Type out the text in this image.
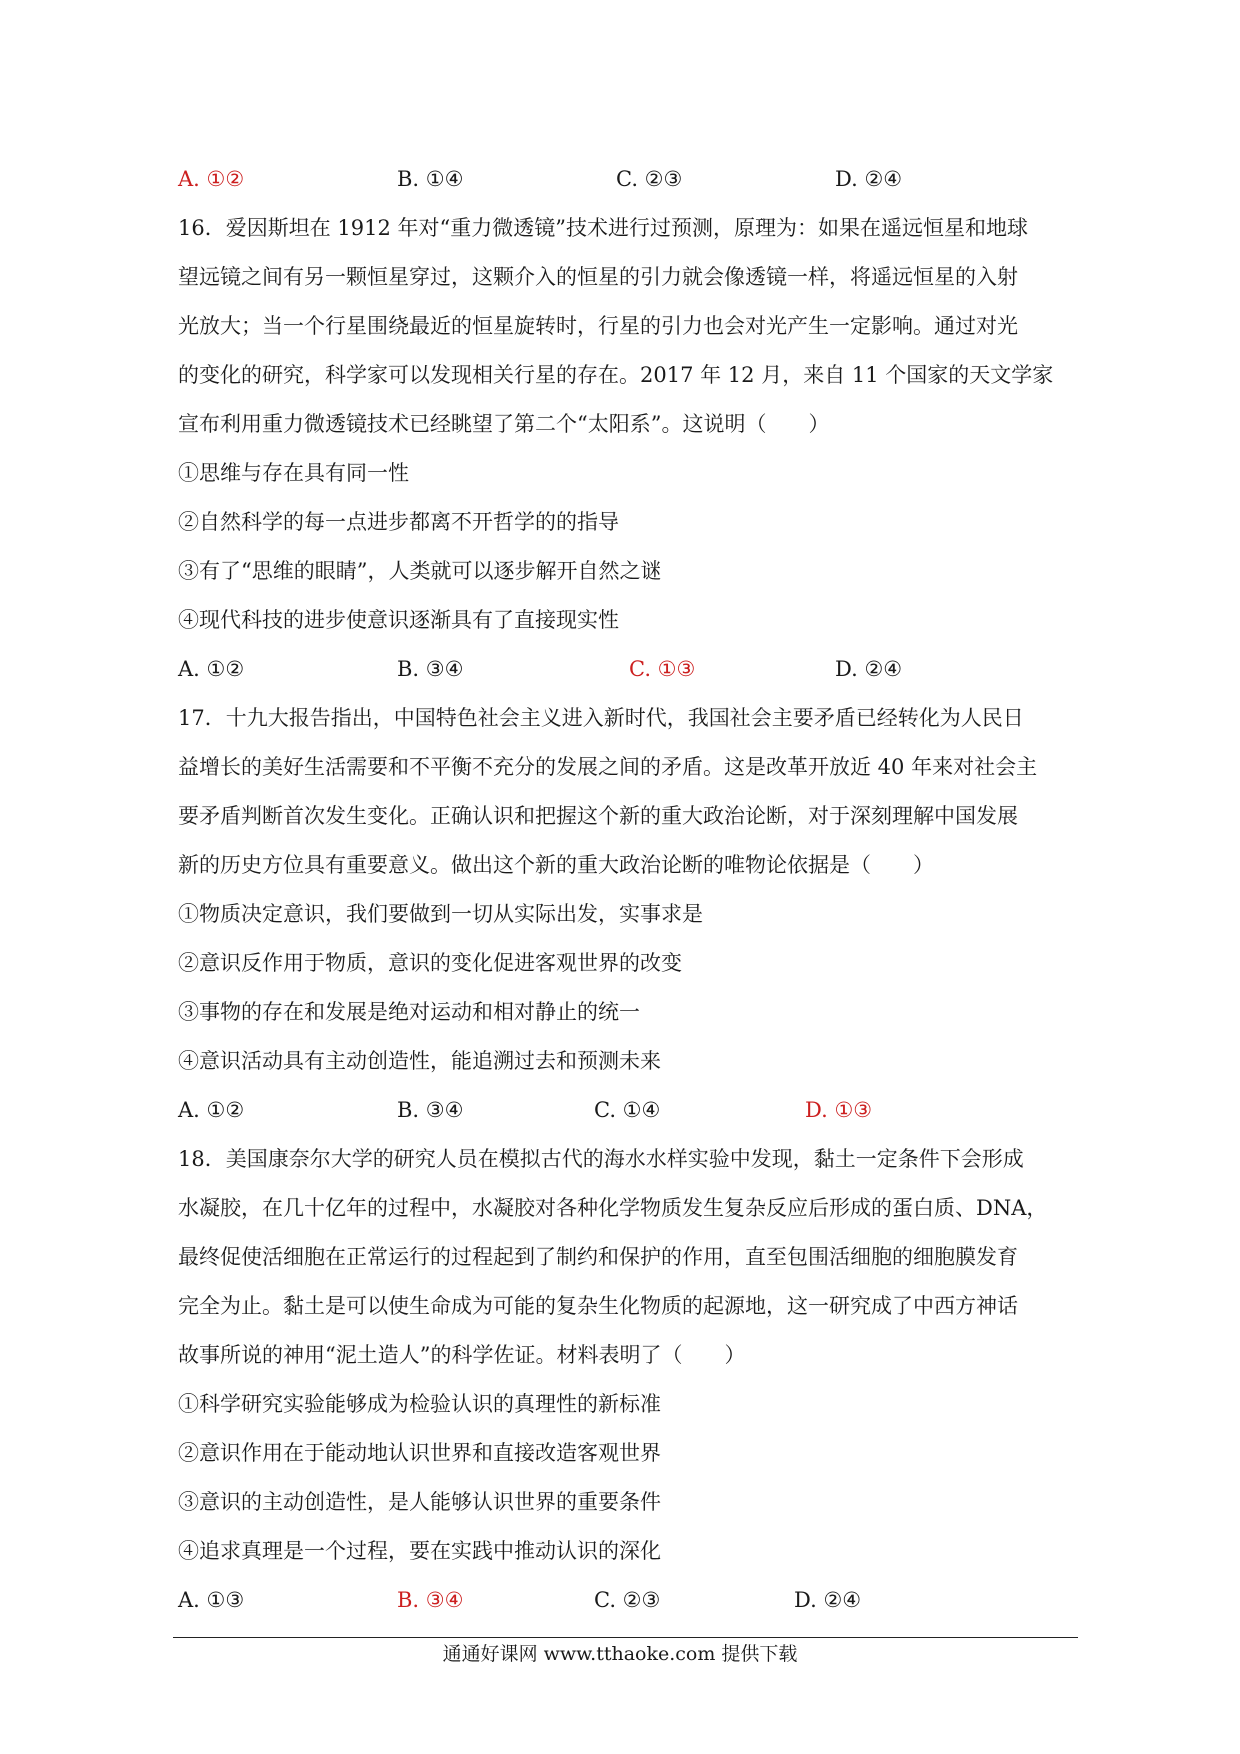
A. ①②	B. ①④	C. ②③	D. ②④
16．爱因斯坦在 1912 年对“重力微透镜”技术进行过预测，原理为：如果在遥远恒星和地球
望远镜之间有另一颗恒星穿过，这颗介入的恒星的引力就会像透镜一样，将遥远恒星的入射
光放大；当一个行星围绕最近的恒星旋转时，行星的引力也会对光产生一定影响。通过对光
的变化的研究，科学家可以发现相关行星的存在。2017 年 12 月，来自 11 个国家的天文学家
宣布利用重力微透镜技术已经眺望了第二个“太阳系”。这说明（　　）
①思维与存在具有同一性
②自然科学的每一点进步都离不开哲学的的指导
③有了“思维的眼睛”，人类就可以逐步解开自然之谜
④现代科技的进步使意识逐渐具有了直接现实性
A. ①②	B. ③④	C. ①③	D. ②④
17．十九大报告指出，中国特色社会主义进入新时代，我国社会主要矛盾已经转化为人民日
益增长的美好生活需要和不平衡不充分的发展之间的矛盾。这是改革开放近 40 年来对社会主
要矛盾判断首次发生变化。正确认识和把握这个新的重大政治论断，对于深刻理解中国发展
新的历史方位具有重要意义。做出这个新的重大政治论断的唯物论依据是（　　）
①物质决定意识，我们要做到一切从实际出发，实事求是
②意识反作用于物质，意识的变化促进客观世界的改变
③事物的存在和发展是绝对运动和相对静止的统一
④意识活动具有主动创造性，能追溯过去和预测未来
A. ①②	B. ③④	C. ①④	D. ①③
18．美国康奈尔大学的研究人员在模拟古代的海水水样实验中发现，黏土一定条件下会形成
水凝胶，在几十亿年的过程中，水凝胶对各种化学物质发生复杂反应后形成的蛋白质、DNA，
最终促使活细胞在正常运行的过程起到了制约和保护的作用，直至包围活细胞的细胞膜发育
完全为止。黏土是可以使生命成为可能的复杂生化物质的起源地，这一研究成了中西方神话
故事所说的神用“泥土造人”的科学佐证。材料表明了（　　）
①科学研究实验能够成为检验认识的真理性的新标准
②意识作用在于能动地认识世界和直接改造客观世界
③意识的主动创造性，是人能够认识世界的重要条件
④追求真理是一个过程，要在实践中推动认识的深化
A. ①③	B. ③④	C. ②③	D. ②④
通通好课网 www.tthaoke.com 提供下载
